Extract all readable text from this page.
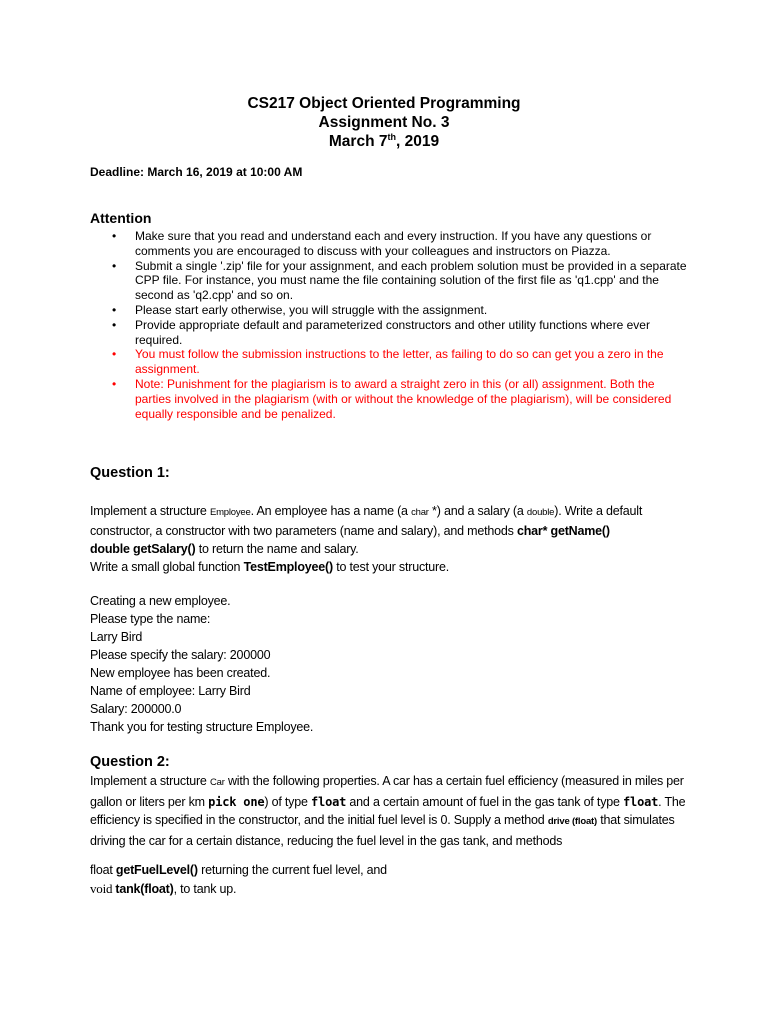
CS217 Object Oriented Programming
Assignment No. 3
March 7th, 2019
Deadline: March 16, 2019 at 10:00 AM
Attention
• Make sure that you read and understand each and every instruction. If you have any questions or comments you are encouraged to discuss with your colleagues and instructors on Piazza.
• Submit a single '.zip' file for your assignment, and each problem solution must be provided in a separate CPP file. For instance, you must name the file containing solution of the first file as 'q1.cpp' and the second as 'q2.cpp' and so on.
• Please start early otherwise, you will struggle with the assignment.
• Provide appropriate default and parameterized constructors and other utility functions where ever required.
• You must follow the submission instructions to the letter, as failing to do so can get you a zero in the assignment.
• Note: Punishment for the plagiarism is to award a straight zero in this (or all) assignment. Both the parties involved in the plagiarism (with or without the knowledge of the plagiarism), will be considered equally responsible and be penalized.
Question 1:
Implement a structure Employee. An employee has a name (a char *) and a salary (a double). Write a default constructor, a constructor with two parameters (name and salary), and methods char* getName()
double getSalary() to return the name and salary.
Write a small global function TestEmployee() to test your structure.
Creating a new employee.
Please type the name:
Larry Bird
Please specify the salary: 200000
New employee has been created.
Name of employee: Larry Bird
Salary: 200000.0
Thank you for testing structure Employee.
Question 2:
Implement a structure Car with the following properties. A car has a certain fuel efficiency (measured in miles per gallon or liters per km pick one) of type float and a certain amount of fuel in the gas tank of type float. The efficiency is specified in the constructor, and the initial fuel level is 0. Supply a method drive (float) that simulates driving the car for a certain distance, reducing the fuel level in the gas tank, and methods
float getFuelLevel() returning the current fuel level, and
void tank(float), to tank up.
